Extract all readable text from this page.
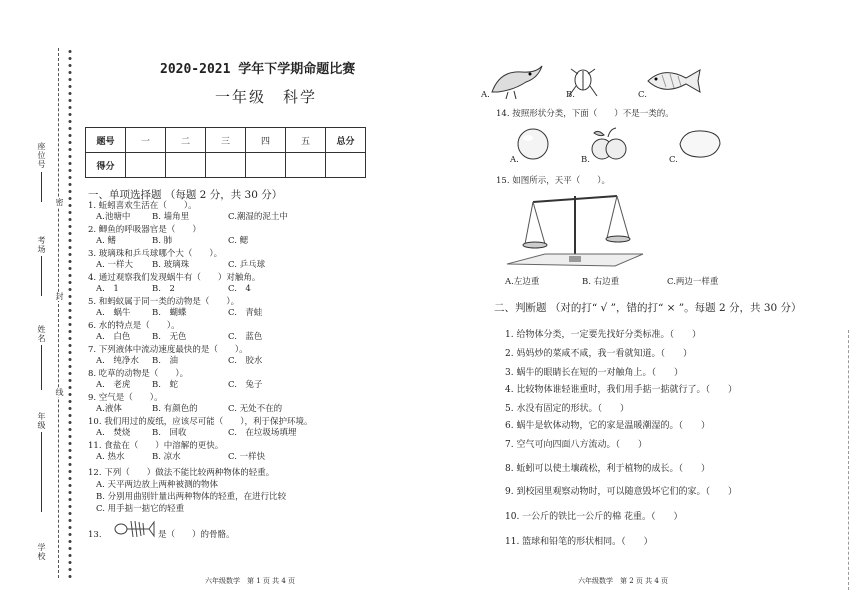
座位号
考场
姓名
年级
学校
密
封
线
2020-2021 学年下学期命题比赛
一年级　科学
题号	一	二	三	四	五	总分
得分						
一、单项选择题 （每题 2 分，共 30 分）
1. 蚯蚓喜欢生活在（　　）。
A.池塘中	B. 墙角里	C.潮湿的泥土中
2. 鲫鱼的呼吸器官是（　　）
A. 鳍	B. 肺	C. 鳃
3. 玻璃珠和乒乓球哪个大（　　）。
A. 一样大 B. 玻璃珠	C. 乒乓球
4. 通过观察我们发现蜗牛有（　　）对触角。
A.　1	B.　2	C.　4
5. 和蚂蚁属于同一类的动物是（　　）。
A.　蜗牛	B.　蝴蝶	C.　青蛙
6. 水的特点是（　　）。
A.　白色	B.　无色	C.　蓝色
7. 下列液体中流动速度最快的是（　　）。
A.　纯净水 B.　油	C.　胶水
8. 吃草的动物是（　　）。
A.　老虎	B.　蛇	C.　兔子
9. 空气是（　　）。
A.液体	B. 有颜色的	C. 无处不在的
10. 我们用过的废纸，应该尽可能（　　），利于保护环境。
A.　焚烧	B.　回收	C.　在垃圾场填埋
11. 食盐在（　　）中溶解的更快。
A. 热水	B. 凉水	C. 一样快
12. 下列（　　）做法不能比较两种物体的轻重。
A. 天平两边放上两种被测的物体
B. 分别用曲别针量出两种物体的轻重，在进行比较
C. 用手掂一掂它的轻重
13.	是（　　）的骨骼。
六年级数学　第 1 页 共 4 页
A.	B.	C.
14. 按照形状分类，下面（　　）不是一类的。
A.	B.	C.
15. 如图所示，天平（　　）。
A.左边重	B. 右边重	C.两边一样重
二、判断题 （对的打“ √ ”，错的打“ × ”。每题 2 分，共 30 分）
1. 给物体分类，一定要先找好分类标准。（　　）
2. 妈妈炒的菜咸不咸，我一看就知道。（　　）
3. 蜗牛的眼睛长在短的一对触角上。（　　）
4. 比较物体谁轻谁重时，我们用手掂一掂就行了。（　　）
5. 水没有固定的形状。（　　）
6. 蜗牛是软体动物，它的家是温暖潮湿的。（　　）
7. 空气可向四面八方流动。（　　）
8. 蚯蚓可以使土壤疏松，利于植物的成长。（　　）
9. 到校园里观察动物时，可以随意毁坏它们的家。（　　）
10. 一公斤的铁比一公斤的棉 花重。（　　）
11. 篮球和铅笔的形状相同。（　　）
六年级数学　第 2 页 共 4 页
